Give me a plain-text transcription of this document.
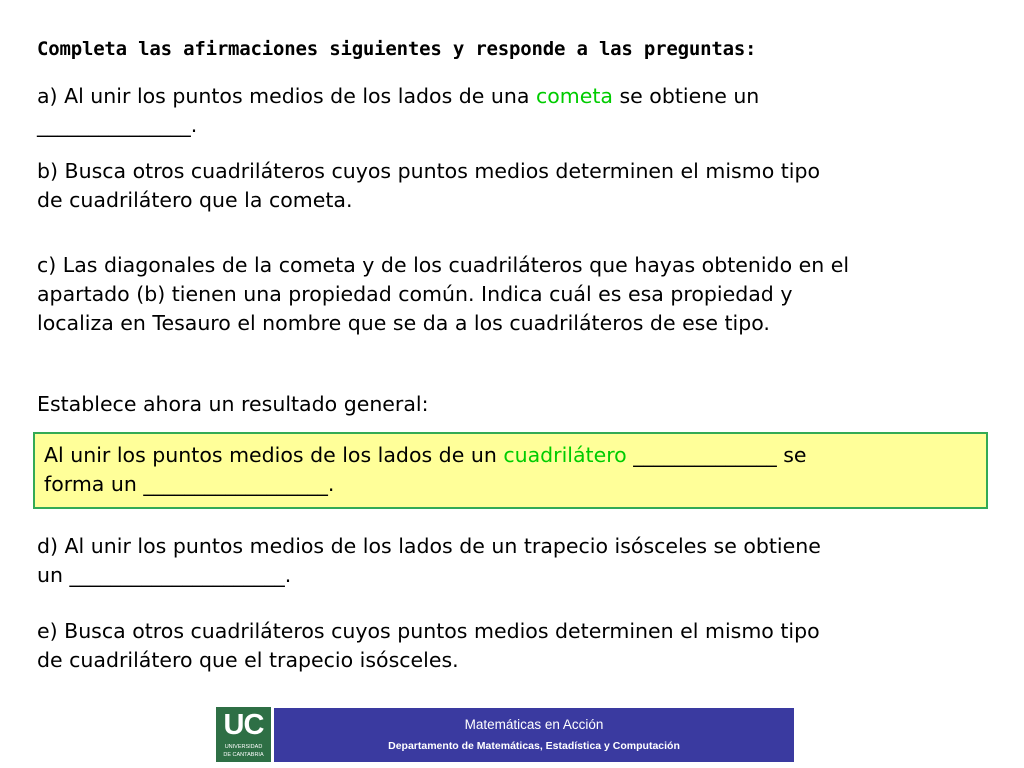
Completa las afirmaciones siguientes y responde a las preguntas:
a) Al unir los puntos medios de los lados de una cometa se obtiene un
_______________.
b) Busca otros cuadriláteros cuyos puntos medios determinen el mismo tipo
de cuadrilátero que la cometa.
c) Las diagonales de la cometa y de los cuadriláteros que hayas obtenido en el
apartado (b) tienen una propiedad común. Indica cuál es esa propiedad y
localiza en Tesauro el nombre que se da a los cuadriláteros de ese tipo.
Establece ahora un resultado general:
Al unir los puntos medios de los lados de un cuadrilátero ______________ se
forma un __________________.
d) Al unir los puntos medios de los lados de un trapecio isósceles se obtiene
un _____________________.
e) Busca otros cuadriláteros cuyos puntos medios determinen el mismo tipo
de cuadrilátero que el trapecio isósceles.
UC
UNIVERSIDAD
DE CANTABRIA
Matemáticas en Acción
Departamento de Matemáticas, Estadística y Computación
